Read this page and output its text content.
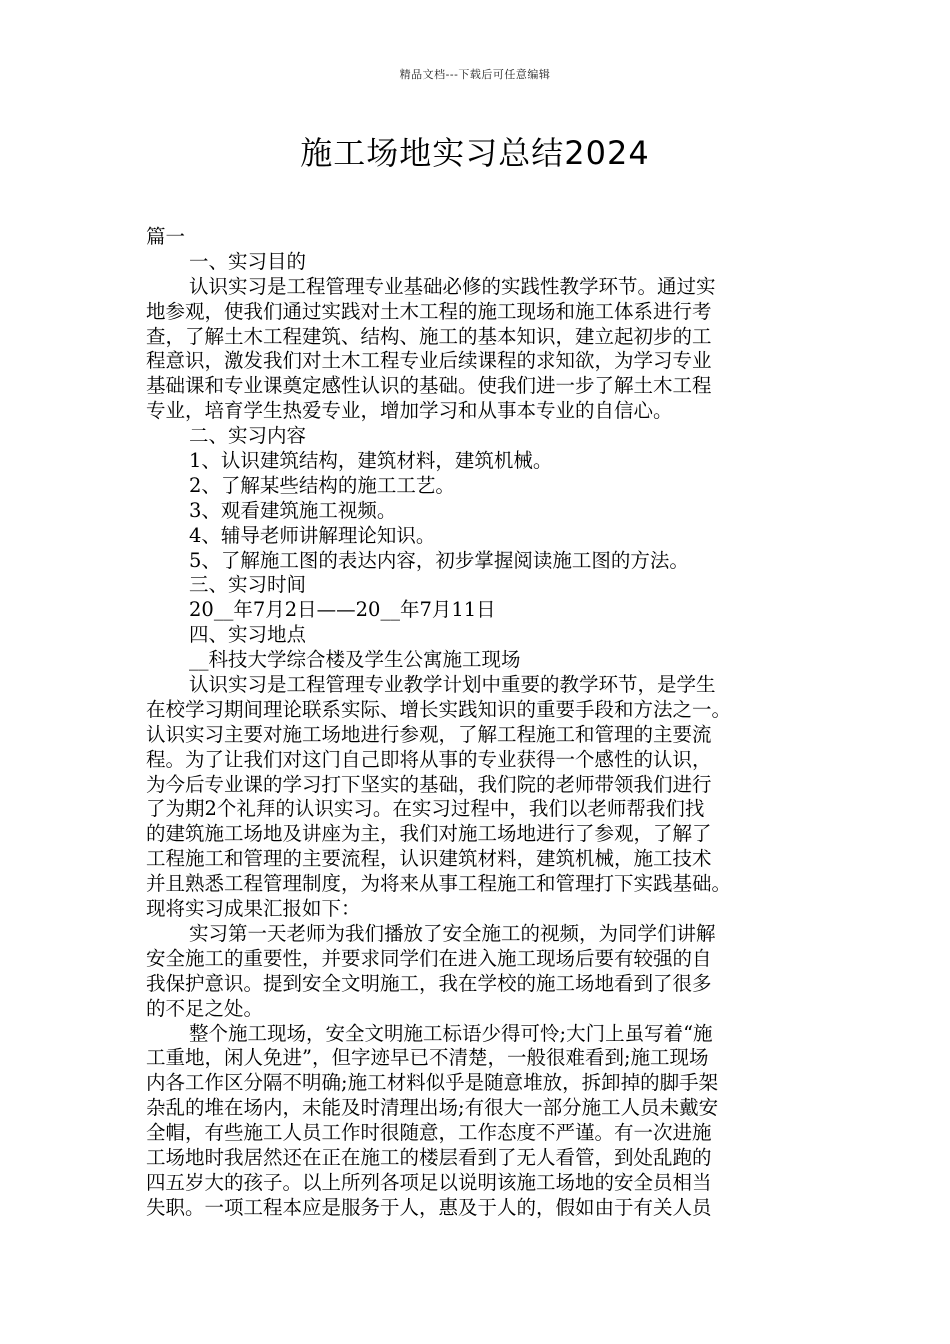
精品文档---下载后可任意编辑
施工场地实习总结2024
篇一
一、实习目的
认识实习是工程管理专业基础必修的实践性教学环节。通过实
地参观，使我们通过实践对土木工程的施工现场和施工体系进行考
查，了解土木工程建筑、结构、施工的基本知识，建立起初步的工
程意识，激发我们对土木工程专业后续课程的求知欲，为学习专业
基础课和专业课奠定感性认识的基础。使我们进一步了解土木工程
专业，培育学生热爱专业，增加学习和从事本专业的自信心。
二、实习内容
1、认识建筑结构，建筑材料，建筑机械。
2、了解某些结构的施工工艺。
3、观看建筑施工视频。
4、辅导老师讲解理论知识。
5、了解施工图的表达内容，初步掌握阅读施工图的方法。
三、实习时间
20__年7月2日——20__年7月11日
四、实习地点
__科技大学综合楼及学生公寓施工现场
认识实习是工程管理专业教学计划中重要的教学环节，是学生
在校学习期间理论联系实际、增长实践知识的重要手段和方法之一。
认识实习主要对施工场地进行参观，了解工程施工和管理的主要流
程。为了让我们对这门自己即将从事的专业获得一个感性的认识，
为今后专业课的学习打下坚实的基础，我们院的老师带领我们进行
了为期2个礼拜的认识实习。在实习过程中，我们以老师帮我们找
的建筑施工场地及讲座为主，我们对施工场地进行了参观，了解了
工程施工和管理的主要流程，认识建筑材料，建筑机械，施工技术
并且熟悉工程管理制度，为将来从事工程施工和管理打下实践基础。
现将实习成果汇报如下：
实习第一天老师为我们播放了安全施工的视频，为同学们讲解
安全施工的重要性，并要求同学们在进入施工现场后要有较强的自
我保护意识。提到安全文明施工，我在学校的施工场地看到了很多
的不足之处。
整个施工现场，安全文明施工标语少得可怜;大门上虽写着“施
工重地，闲人免进”，但字迹早已不清楚，一般很难看到;施工现场
内各工作区分隔不明确;施工材料似乎是随意堆放，拆卸掉的脚手架
杂乱的堆在场内，未能及时清理出场;有很大一部分施工人员未戴安
全帽，有些施工人员工作时很随意，工作态度不严谨。有一次进施
工场地时我居然还在正在施工的楼层看到了无人看管，到处乱跑的
四五岁大的孩子。以上所列各项足以说明该施工场地的安全员相当
失职。一项工程本应是服务于人，惠及于人的，假如由于有关人员
